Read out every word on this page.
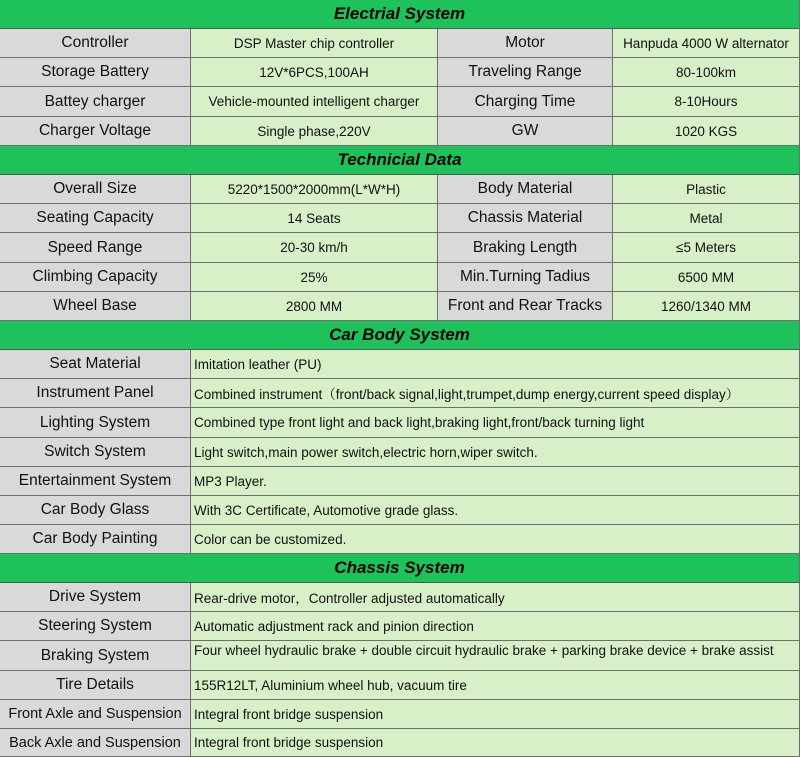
Electrial System
Controller	DSP Master chip controller	Motor	Hanpuda 4000 W alternator
Storage Battery	12V*6PCS,100AH	Traveling Range	80-100km
Battey charger	Vehicle-mounted intelligent charger	Charging Time	8-10Hours
Charger Voltage	Single phase,220V	GW	1020 KGS
Technicial Data
Overall Size	5220*1500*2000mm(L*W*H)	Body Material	Plastic
Seating Capacity	14 Seats	Chassis Material	Metal
Speed Range	20-30 km/h	Braking Length	≤5 Meters
Climbing Capacity	25%	Min.Turning Tadius	6500 MM
Wheel Base	2800 MM	Front and Rear Tracks	1260/1340 MM
Car Body System
Seat Material	Imitation leather (PU)
Instrument Panel	Combined instrument（front/back signal,light,trumpet,dump energy,current speed display）
Lighting System	Combined type front light and back light,braking light,front/back turning light
Switch System	Light switch,main power switch,electric horn,wiper switch.
Entertainment System	MP3 Player.
Car Body Glass	With 3C Certificate, Automotive grade glass.
Car Body Painting	Color can be customized.
Chassis System
Drive System	Rear-drive motor，Controller adjusted automatically
Steering System	Automatic adjustment rack and pinion direction
Braking System	Four wheel hydraulic brake + double circuit hydraulic brake + parking brake device + brake assist
Tire Details	155R12LT, Aluminium wheel hub, vacuum tire
Front Axle and Suspension Integral front bridge suspension
Back Axle and Suspension Integral front bridge suspension
